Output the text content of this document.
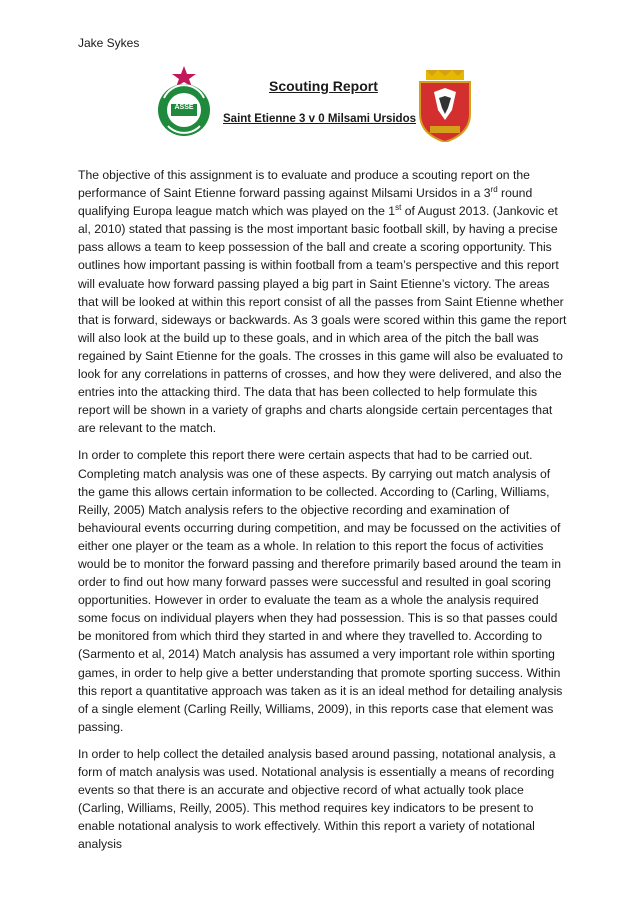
Jake Sykes
ASSE
Scouting Report
Saint Etienne 3 v 0 Milsami Ursidos

The objective of this assignment is to evaluate and produce a scouting report on the performance of Saint Etienne forward passing against Milsami Ursidos in a 3rd round qualifying Europa league match which was played on the 1st of August 2013. (Jankovic et al, 2010) stated that passing is the most important basic football skill, by having a precise pass allows a team to keep possession of the ball and create a scoring opportunity. This outlines how important passing is within football from a team’s perspective and this report will evaluate how forward passing played a big part in Saint Etienne’s victory. The areas that will be looked at within this report consist of all the passes from Saint Etienne whether that is forward, sideways or backwards. As 3 goals were scored within this game the report will also look at the build up to these goals, and in which area of the pitch the ball was regained by Saint Etienne for the goals. The crosses in this game will also be evaluated to look for any correlations in patterns of crosses, and how they were delivered, and also the entries into the attacking third. The data that has been collected to help formulate this report will be shown in a variety of graphs and charts alongside certain percentages that are relevant to the match.

In order to complete this report there were certain aspects that had to be carried out. Completing match analysis was one of these aspects. By carrying out match analysis of the game this allows certain information to be collected. According to (Carling, Williams, Reilly, 2005) Match analysis refers to the objective recording and examination of behavioural events occurring during competition, and may be focussed on the activities of either one player or the team as a whole. In relation to this report the focus of activities would be to monitor the forward passing and therefore primarily based around the team in order to find out how many forward passes were successful and resulted in goal scoring opportunities. However in order to evaluate the team as a whole the analysis required some focus on individual players when they had possession. This is so that passes could be monitored from which third they started in and where they travelled to. According to (Sarmento et al, 2014) Match analysis has assumed a very important role within sporting games, in order to help give a better understanding that promote sporting success. Within this report a quantitative approach was taken as it is an ideal method for detailing analysis of a single element (Carling Reilly, Williams, 2009), in this reports case that element was passing.

In order to help collect the detailed analysis based around passing, notational analysis, a form of match analysis was used. Notational analysis is essentially a means of recording events so that there is an accurate and objective record of what actually took place (Carling, Williams, Reilly, 2005). This method requires key indicators to be present to enable notational analysis to work effectively. Within this report a variety of notational analysis
